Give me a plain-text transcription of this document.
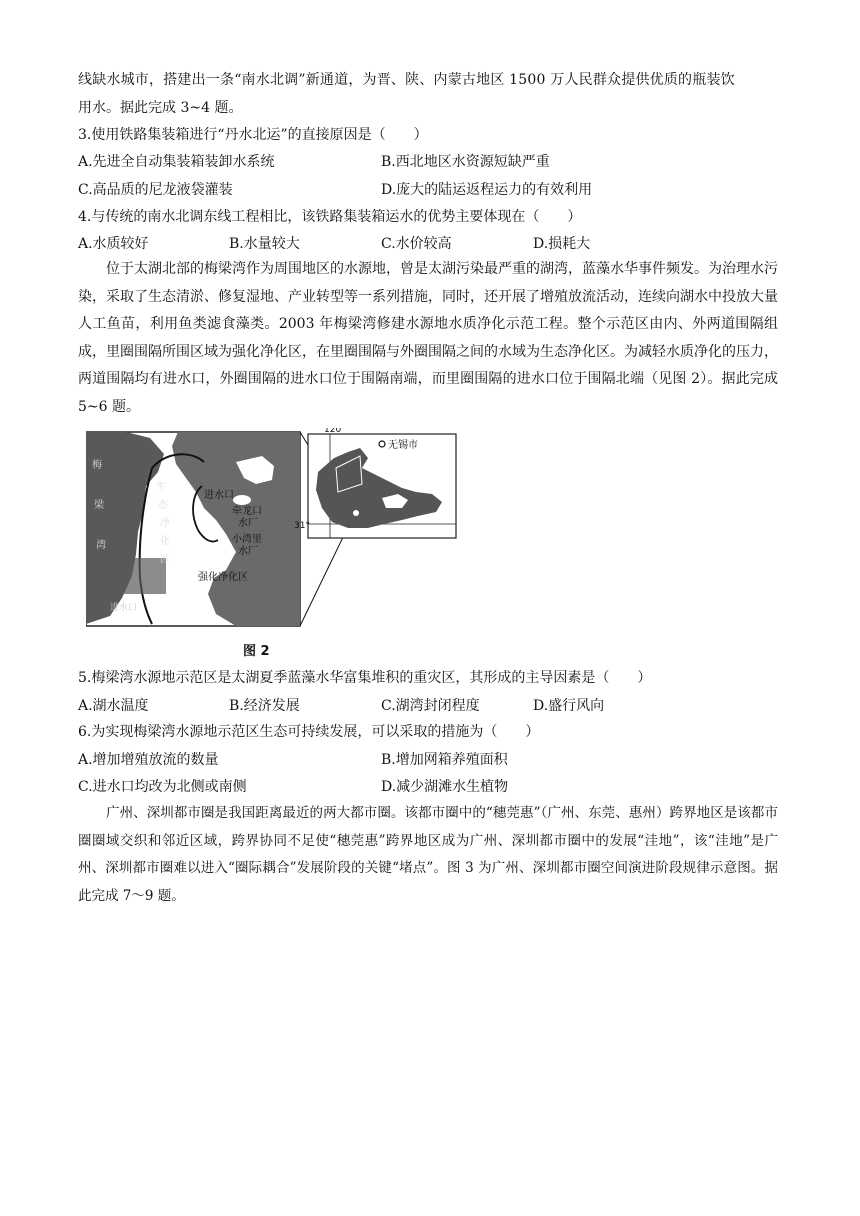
线缺水城市，搭建出一条“南水北调”新通道，为晋、陕、内蒙古地区 1500 万人民群众提供优质的瓶装饮
用水。据此完成 3~4 题。
3.使用铁路集装箱进行“丹水北运”的直接原因是（　　）
A.先进全自动集装箱装卸水系统	B.西北地区水资源短缺严重
C.高品质的尼龙液袋灌装	D.庞大的陆运返程运力的有效利用
4.与传统的南水北调东线工程相比，该铁路集装箱运水的优势主要体现在（　　）
A.水质较好	B.水量较大	C.水价较高	D.损耗大

位于太湖北部的梅梁湾作为周围地区的水源地，曾是太湖污染最严重的湖湾，蓝藻水华事件频发。为治理水污染，采取了生态清淤、修复湿地、产业转型等一系列措施，同时，还开展了增殖放流活动，连续向湖水中投放大量人工鱼苗，利用鱼类滤食藻类。2003 年梅梁湾修建水源地水质净化示范工程。整个示范区由内、外两道围隔组成，里圈围隔所围区域为强化净化区，在里圈围隔与外圈围隔之间的水域为生态净化区。为减轻水质净化的压力，两道围隔均有进水口，外圈围隔的进水口位于围隔南端，而里圈围隔的进水口位于围隔北端（见图 2）。据此完成 5~6 题。

生
态
净
化
区
进水口
牵龙口
水厂
小湾里
水厂
强化净化区
进水口
梅
梁
湾
无锡市
120°
31°
图 2
5.梅梁湾水源地示范区是太湖夏季蓝藻水华富集堆积的重灾区，其形成的主导因素是（　　）
A.湖水温度	B.经济发展	C.湖湾封闭程度	D.盛行风向
6.为实现梅梁湾水源地示范区生态可持续发展，可以采取的措施为（　　）
A.增加增殖放流的数量	B.增加网箱养殖面积
C.进水口均改为北侧或南侧	D.减少湖滩水生植物

广州、深圳都市圈是我国距离最近的两大都市圈。该都市圈中的“穗莞惠”（广州、东莞、惠州）跨界地区是该都市圈圈域交织和邻近区域，跨界协同不足使“穗莞惠”跨界地区成为广州、深圳都市圈中的发展“洼地”，该“洼地”是广州、深圳都市圈难以进入“圈际耦合”发展阶段的关键“堵点”。图 3 为广州、深圳都市圈空间演进阶段规律示意图。据此完成 7～9 题。
